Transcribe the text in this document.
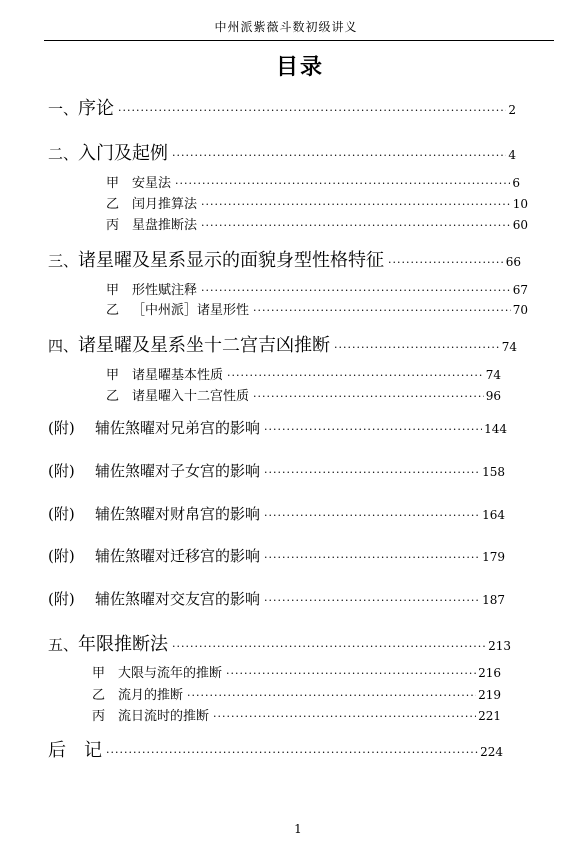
中州派紫薇斗数初级讲义
目录
一、序论 ·····	2
二、入门及起例 ·····	4
甲 安星法 ·····	6
乙 闰月推算法 ·····	10
丙 星盘推断法 ·····	60
三、诸星曜及星系显示的面貌身型性格特征 ·····	66
甲 形性赋注释 ·····	67
乙 ［中州派］诸星形性 ·····	70
四、诸星曜及星系坐十二宫吉凶推断 ·····	74
甲 诸星曜基本性质 ·····	74
乙 诸星曜入十二宫性质 ·····	96
(附) 辅佐煞曜对兄弟宫的影响 ·····	144
(附) 辅佐煞曜对子女宫的影响 ·····	158
(附) 辅佐煞曜对财帛宫的影响 ·····	164
(附) 辅佐煞曜对迁移宫的影响 ·····	179
(附) 辅佐煞曜对交友宫的影响 ·····	187
五、年限推断法 ·····	213
甲 大限与流年的推断 ·····	216
乙 流月的推断 ·····	219
丙 流日流时的推断 ·····	221
后　记 ·····	224
1
